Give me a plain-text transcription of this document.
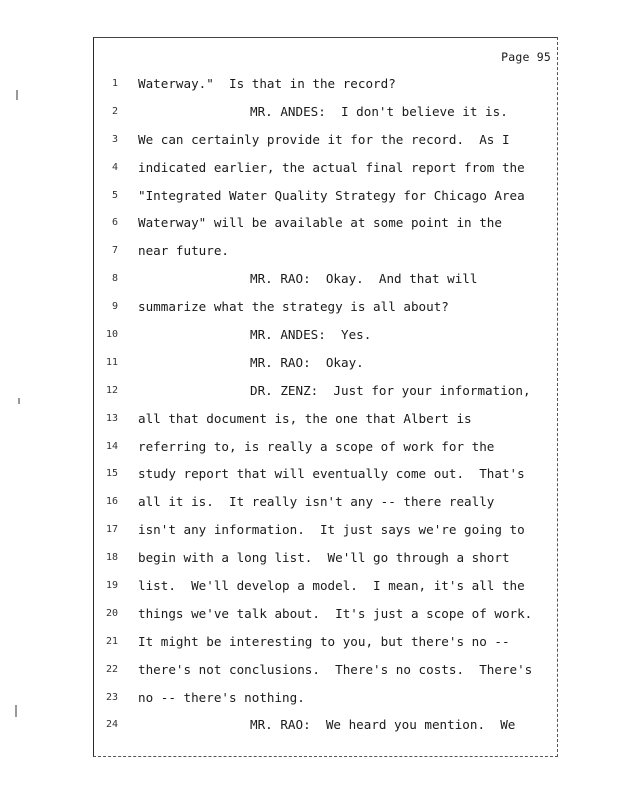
Page 95
1 Waterway."  Is that in the record?
2	MR. ANDES:  I don't believe it is.
3 We can certainly provide it for the record.  As I
4 indicated earlier, the actual final report from the
5 "Integrated Water Quality Strategy for Chicago Area
6 Waterway" will be available at some point in the
7 near future.
8	MR. RAO:  Okay.  And that will
9 summarize what the strategy is all about?
10	MR. ANDES:  Yes.
11	MR. RAO:  Okay.
12	DR. ZENZ:  Just for your information,
13 all that document is, the one that Albert is
14 referring to, is really a scope of work for the
15 study report that will eventually come out.  That's
16 all it is.  It really isn't any -- there really
17 isn't any information.  It just says we're going to
18 begin with a long list.  We'll go through a short
19 list.  We'll develop a model.  I mean, it's all the
20 things we've talk about.  It's just a scope of work.
21 It might be interesting to you, but there's no --
22 there's not conclusions.  There's no costs.  There's
23 no -- there's nothing.
24	MR. RAO:  We heard you mention.  We
